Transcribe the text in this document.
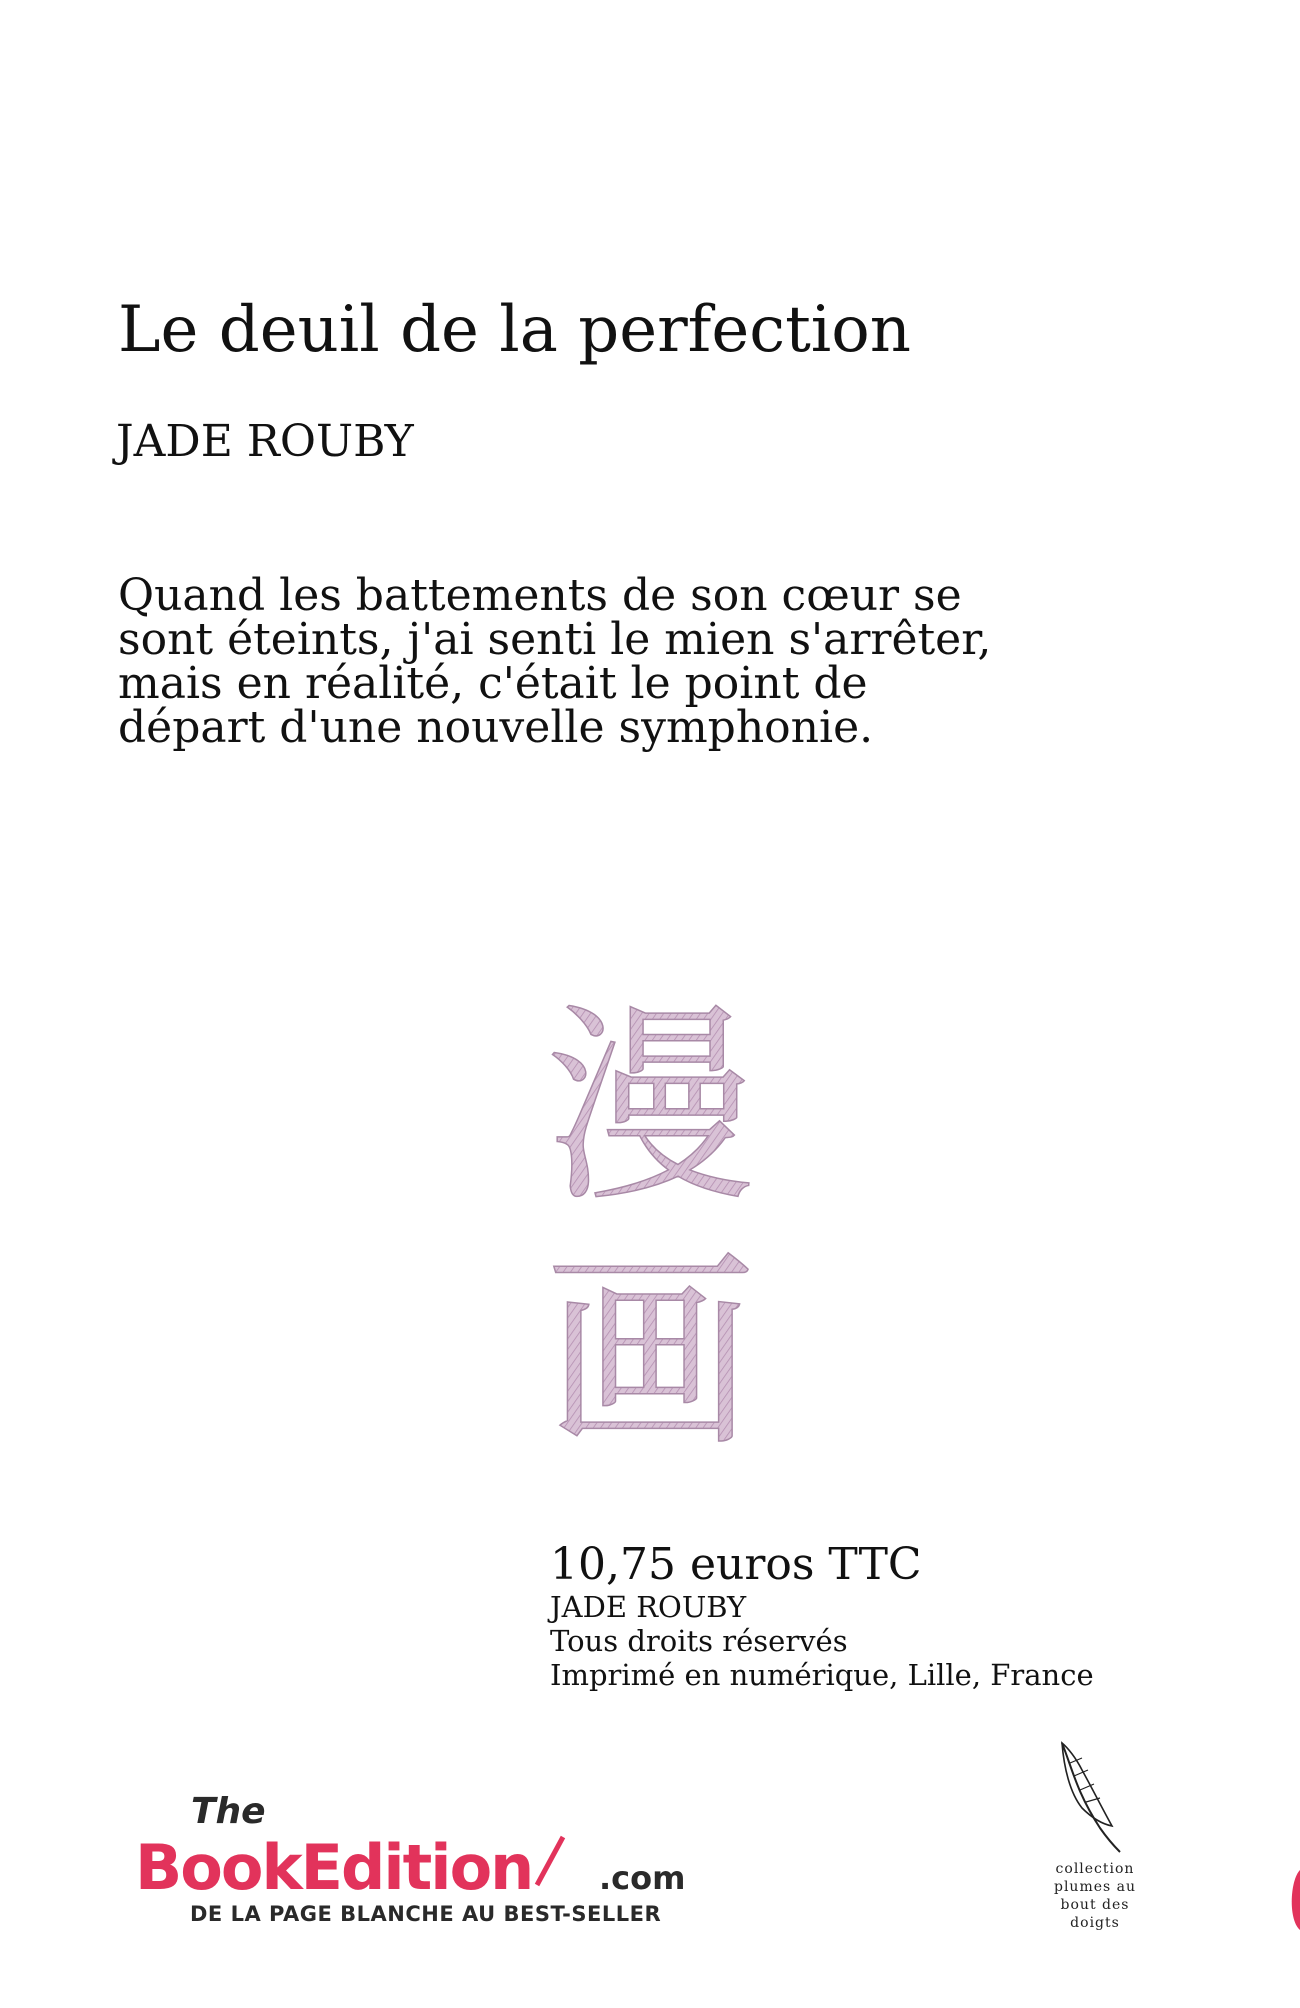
Le deuil de la perfection
JADE ROUBY
Quand les battements de son cœur se
sont éteints, j'ai senti le mien s'arrêter,
mais en réalité, c'était le point de
départ d'une nouvelle symphonie.
漫
画
10,75 euros TTC
JADE ROUBY
Tous droits réservés
Imprimé en numérique, Lille, France
The
BookEdition .com
DE LA PAGE BLANCHE AU BEST-SELLER
collection
plumes au
bout des
doigts
